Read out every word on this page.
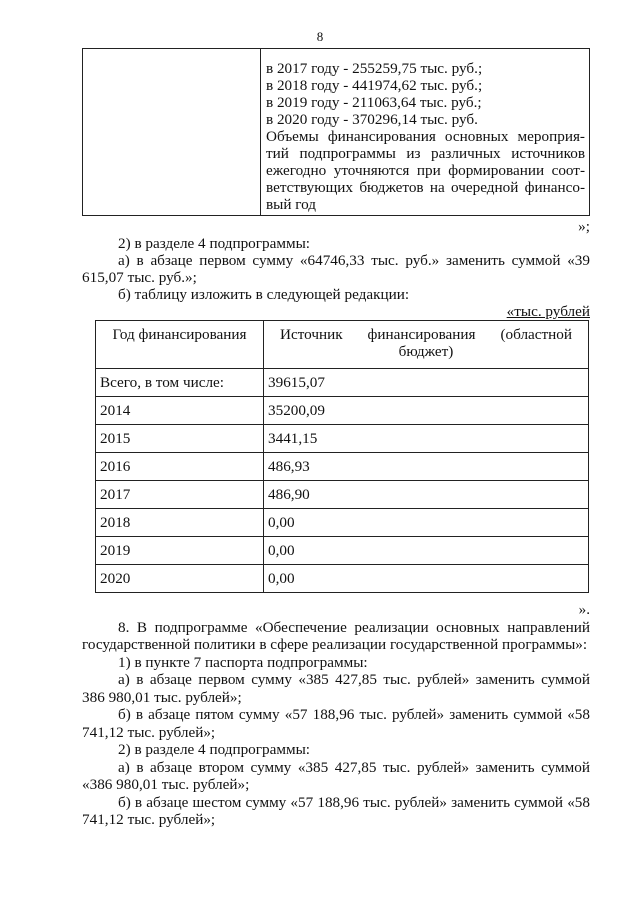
8
в 2017 году - 255259,75 тыс. руб.;
в 2018 году - 441974,62 тыс. руб.;
в 2019 году - 211063,64 тыс. руб.;
в 2020 году - 370296,14 тыс. руб.
Объемы финансирования основных мероприя-
тий подпрограммы из различных источников
ежегодно уточняются при формировании соот-
ветствующих бюджетов на очередной финансо-
вый год
»;

2) в разделе 4 подпрограммы:

а) в абзаце первом сумму «64746,33 тыс. руб.» заменить суммой «39 615,07 тыс. руб.»;

б) таблицу изложить в следующей редакции:

«тыс. рублей
Год финансирования	Источник финансирования (областной бюджет)
Всего, в том числе:	39615,07
2014	35200,09
2015	3441,15
2016	486,93
2017	486,90
2018	0,00
2019	0,00
2020	0,00
».

8. В подпрограмме «Обеспечение реализации основных направлений государственной политики в сфере реализации государственной программы»:

1) в пункте 7 паспорта подпрограммы:

а) в абзаце первом сумму «385 427,85 тыс. рублей» заменить суммой 386 980,01 тыс. рублей»;

б) в абзаце пятом сумму «57 188,96 тыс. рублей» заменить суммой «58 741,12 тыс. рублей»;

2) в разделе 4 подпрограммы:

а) в абзаце втором сумму «385 427,85 тыс. рублей» заменить суммой «386 980,01 тыс. рублей»;

б) в абзаце шестом сумму «57 188,96 тыс. рублей» заменить суммой «58 741,12 тыс. рублей»;
